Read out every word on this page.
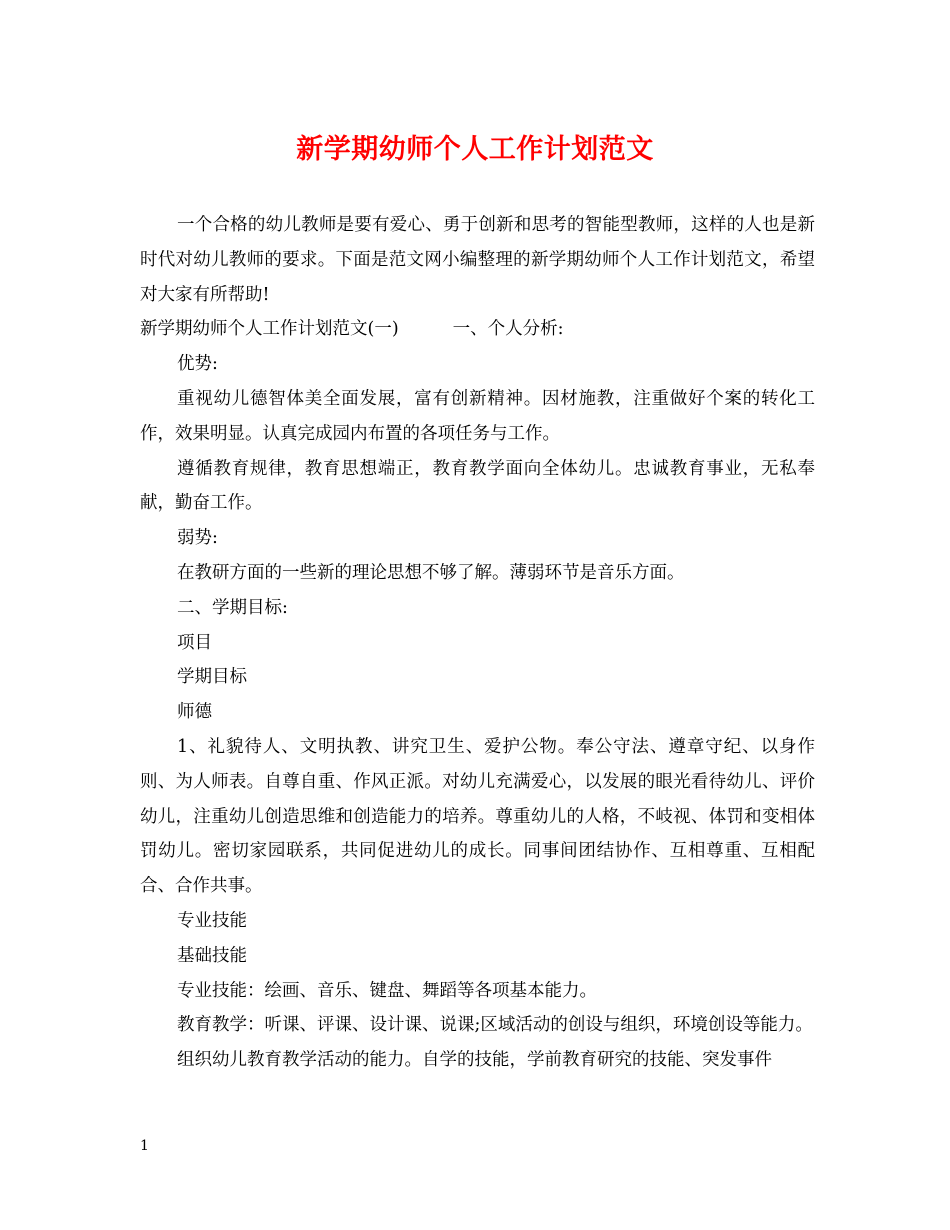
新学期幼师个人工作计划范文

一个合格的幼儿教师是要有爱心、勇于创新和思考的智能型教师，这样的人也是新时代对幼儿教师的要求。下面是范文网小编整理的新学期幼师个人工作计划范文，希望对大家有所帮助!

新学期幼师个人工作计划范文(一)	一、个人分析:

优势:

重视幼儿德智体美全面发展，富有创新精神。因材施教，注重做好个案的转化工作，效果明显。认真完成园内布置的各项任务与工作。

遵循教育规律，教育思想端正，教育教学面向全体幼儿。忠诚教育事业，无私奉献，勤奋工作。

弱势:

在教研方面的一些新的理论思想不够了解。薄弱环节是音乐方面。

二、学期目标:

项目

学期目标

师德

1、礼貌待人、文明执教、讲究卫生、爱护公物。奉公守法、遵章守纪、以身作则、为人师表。自尊自重、作风正派。对幼儿充满爱心，以发展的眼光看待幼儿、评价幼儿，注重幼儿创造思维和创造能力的培养。尊重幼儿的人格，不岐视、体罚和变相体罚幼儿。密切家园联系，共同促进幼儿的成长。同事间团结协作、互相尊重、互相配合、合作共事。

专业技能

基础技能

专业技能：绘画、音乐、键盘、舞蹈等各项基本能力。

教育教学：听课、评课、设计课、说课;区域活动的创设与组织，环境创设等能力。

组织幼儿教育教学活动的能力。自学的技能，学前教育研究的技能、突发事件

1
